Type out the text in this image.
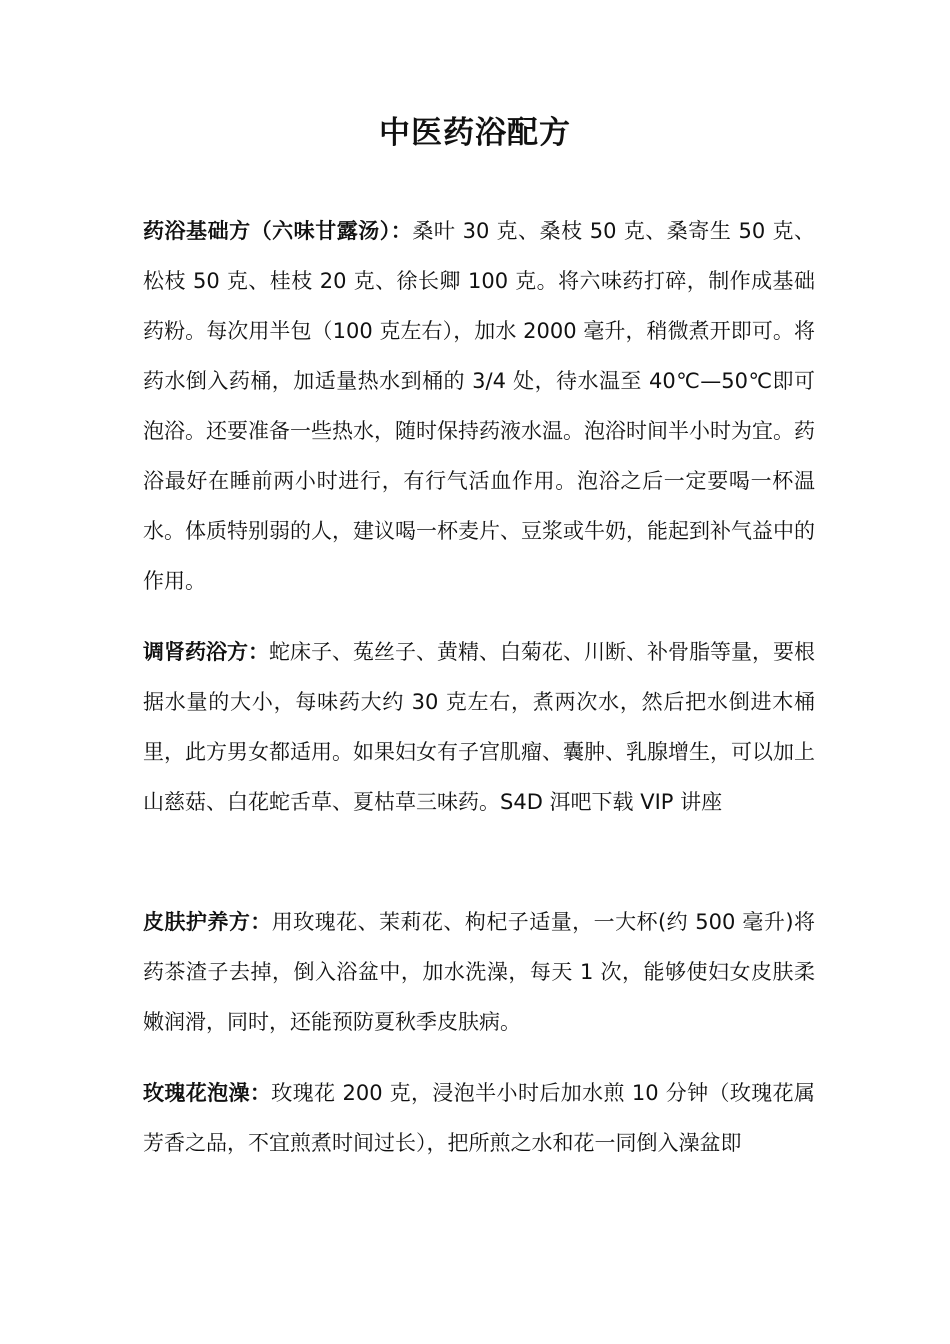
中医药浴配方
药浴基础方（六味甘露汤）：桑叶 30 克、桑枝 50 克、桑寄生 50 克、松枝 50 克、桂枝 20 克、徐长卿 100 克。将六味药打碎，制作成基础药粉。每次用半包（100 克左右），加水 2000 毫升，稍微煮开即可。将药水倒入药桶，加适量热水到桶的 3/4 处，待水温至 40℃—50℃即可泡浴。还要准备一些热水，随时保持药液水温。泡浴时间半小时为宜。药浴最好在睡前两小时进行，有行气活血作用。泡浴之后一定要喝一杯温水。体质特别弱的人，建议喝一杯麦片、豆浆或牛奶，能起到补气益中的作用。
调肾药浴方：蛇床子、菟丝子、黄精、白菊花、川断、补骨脂等量，要根据水量的大小，每味药大约 30 克左右，煮两次水，然后把水倒进木桶里，此方男女都适用。如果妇女有子宫肌瘤、囊肿、乳腺增生，可以加上山慈菇、白花蛇舌草、夏枯草三味药。S4D 洱吧下载 VIP 讲座
皮肤护养方：用玫瑰花、茉莉花、枸杞子适量，一大杯(约 500 毫升)将药茶渣子去掉，倒入浴盆中，加水洗澡，每天 1 次，能够使妇女皮肤柔嫩润滑，同时，还能预防夏秋季皮肤病。
玫瑰花泡澡：玫瑰花 200 克，浸泡半小时后加水煎 10 分钟（玫瑰花属芳香之品，不宜煎煮时间过长），把所煎之水和花一同倒入澡盆即
